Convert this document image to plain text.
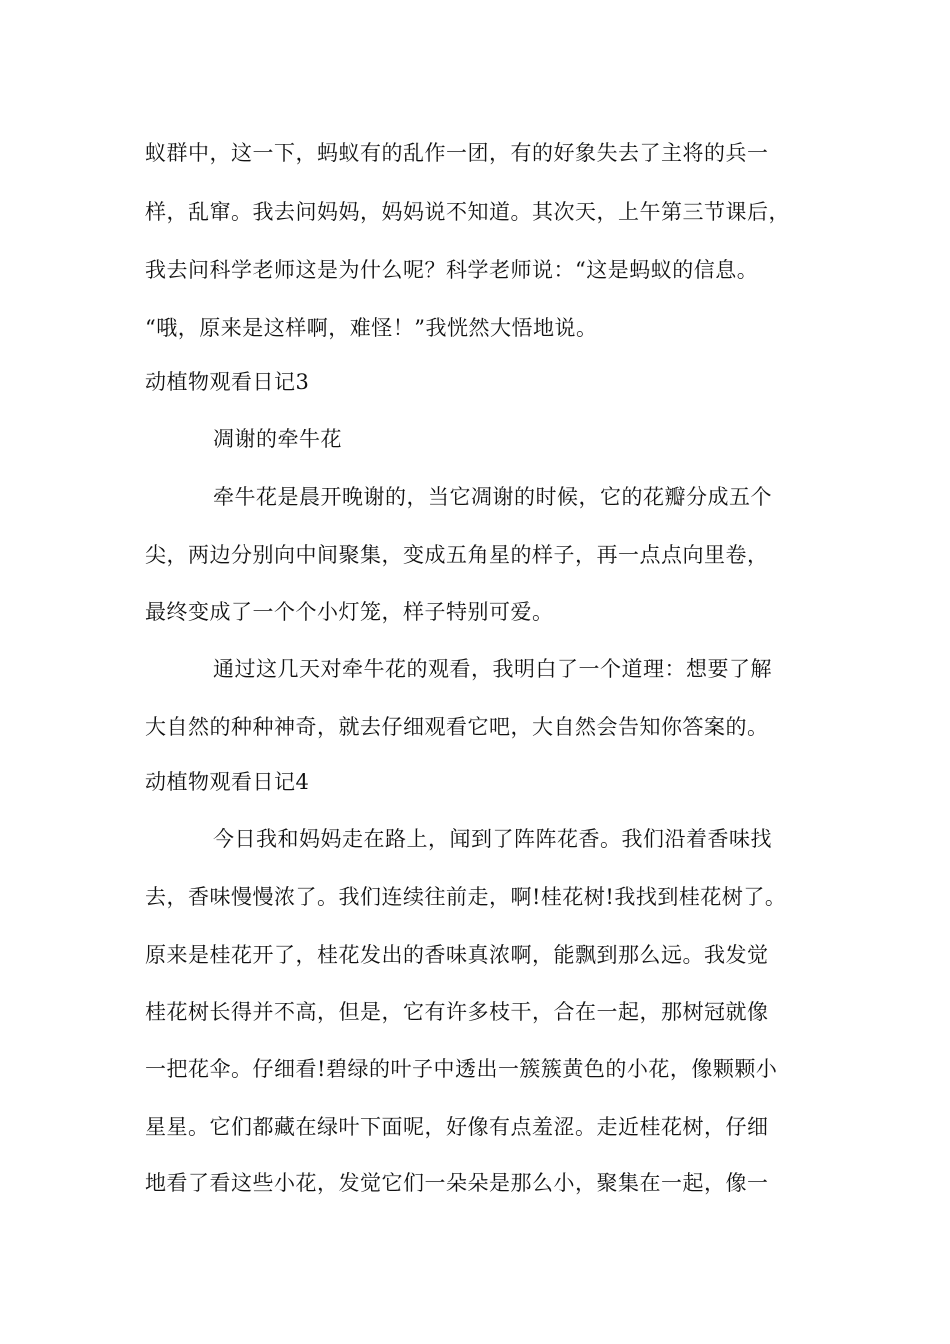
蚁群中，这一下，蚂蚁有的乱作一团，有的好象失去了主将的兵一
样，乱窜。我去问妈妈，妈妈说不知道。其次天，上午第三节课后，
我去问科学老师这是为什么呢？科学老师说：“这是蚂蚁的信息。
“哦，原来是这样啊，难怪！”我恍然大悟地说。
动植物观看日记3
凋谢的牵牛花
牵牛花是晨开晚谢的，当它凋谢的时候，它的花瓣分成五个
尖，两边分别向中间聚集，变成五角星的样子，再一点点向里卷，
最终变成了一个个小灯笼，样子特别可爱。
通过这几天对牵牛花的观看，我明白了一个道理：想要了解
大自然的种种神奇，就去仔细观看它吧，大自然会告知你答案的。
动植物观看日记4
今日我和妈妈走在路上，闻到了阵阵花香。我们沿着香味找
去，香味慢慢浓了。我们连续往前走，啊!桂花树!我找到桂花树了。
原来是桂花开了，桂花发出的香味真浓啊，能飘到那么远。我发觉
桂花树长得并不高，但是，它有许多枝干，合在一起，那树冠就像
一把花伞。仔细看!碧绿的叶子中透出一簇簇黄色的小花，像颗颗小
星星。它们都藏在绿叶下面呢，好像有点羞涩。走近桂花树，仔细
地看了看这些小花，发觉它们一朵朵是那么小，聚集在一起，像一
